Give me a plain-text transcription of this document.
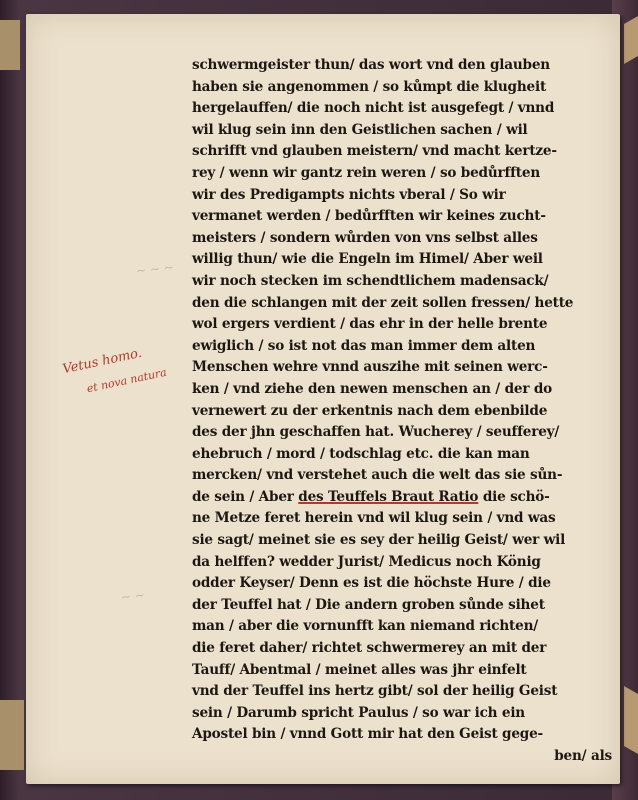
~ ~ ~
~ ~
Vetus homo.
et nova natura
schwermgeister thun/ das wort vnd den glauben
haben sie angenommen / so kůmpt die klugheit
hergelauffen/ die noch nicht ist ausgefegt / vnnd
wil klug sein inn den Geistlichen sachen / wil
schrifft vnd glauben meistern/ vnd macht kertze-
rey / wenn wir gantz rein weren / so bedůrfften
wir des Predigampts nichts vberal / So wir
vermanet werden / bedůrfften wir keines zucht-
meisters / sondern wůrden von vns selbst alles
willig thun/ wie die Engeln im Himel/ Aber weil
wir noch stecken im schendtlichem madensack/
den die schlangen mit der zeit sollen fressen/ hette
wol ergers verdient / das ehr in der helle brente
ewiglich / so ist not das man immer dem alten
Menschen wehre vnnd auszihe mit seinen werc-
ken / vnd ziehe den newen menschen an / der do
vernewert zu der erkentnis nach dem ebenbilde
des der jhn geschaffen hat. Wucherey / seufferey/
ehebruch / mord / todschlag etc. die kan man
mercken/ vnd verstehet auch die welt das sie sůn-
de sein / Aber des Teuffels Braut Ratio die schö-
ne Metze feret herein vnd wil klug sein / vnd was
sie sagt/ meinet sie es sey der heilig Geist/ wer wil
da helffen? wedder Jurist/ Medicus noch König
odder Keyser/ Denn es ist die höchste Hure / die
der Teuffel hat / Die andern groben sůnde sihet
man / aber die vornunfft kan niemand richten/
die feret daher/ richtet schwermerey an mit der
Tauff/ Abentmal / meinet alles was jhr einfelt
vnd der Teuffel ins hertz gibt/ sol der heilig Geist
sein / Darumb spricht Paulus / so war ich ein
Apostel bin / vnnd Gott mir hat den Geist gege-
ben/ als
